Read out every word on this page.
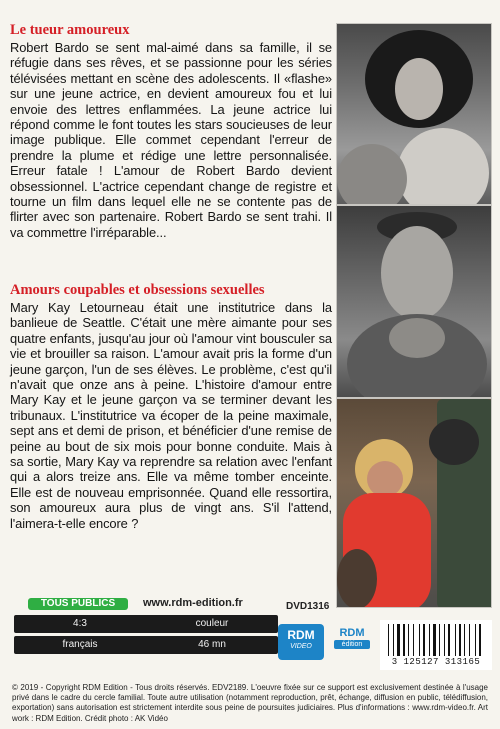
Le tueur amoureux

Robert Bardo se sent mal-aimé dans sa famille, il se réfugie dans ses rêves, et se passionne pour les séries télévisées mettant en scène des adolescents. Il «flashe» sur une jeune actrice, en devient amoureux fou et lui envoie des lettres enflammées. La jeune actrice lui répond comme le font toutes les stars soucieuses de leur image publique. Elle commet cependant l'erreur de prendre la plume et rédige une lettre personnalisée. Erreur fatale ! L'amour de Robert Bardo devient obsessionnel. L'actrice cependant change de registre et tourne un film dans lequel elle ne se contente pas de flirter avec son partenaire. Robert Bardo se sent trahi. Il va commettre l'irréparable...

Amours coupables et obsessions sexuelles

Mary Kay Letourneau était une institutrice dans la banlieue de Seattle. C'était une mère aimante pour ses quatre enfants, jusqu'au jour où l'amour vint bousculer sa vie et brouiller sa raison. L'amour avait pris la forme d'un jeune garçon, l'un de ses élèves. Le problème, c'est qu'il n'avait que onze ans à peine. L'histoire d'amour entre Mary Kay et le jeune garçon va se terminer devant les tribunaux. L'institutrice va écoper de la peine maximale, sept ans et demi de prison, et bénéficier d'une remise de peine au bout de six mois pour bonne conduite. Mais à sa sortie, Mary Kay va reprendre sa relation avec l'enfant qui a alors treize ans. Elle va même tomber enceinte. Elle est de nouveau emprisonnée. Quand elle ressortira, son amoureux aura plus de vingt ans. S'il l'attend, l'aimera-t-elle encore ?

TOUS PUBLICS	www.rdm-edition.fr
4:3	couleur
français	46 mn
DVD1316
RDM
VIDEO
RDM
édition
3 125127 313165

© 2019 - Copyright RDM Edition - Tous droits réservés. EDV2189. L'oeuvre fixée sur ce support est exclusivement destinée à l'usage privé dans le cadre du cercle familial. Toute autre utilisation (notamment reproduction, prêt, échange, diffusion en public, télédiffusion, exportation) sans autorisation est strictement interdite sous peine de poursuites judiciaires. Plus d'informations : www.rdm-video.fr. Art work : RDM Edition. Crédit photo : AK Vidéo
